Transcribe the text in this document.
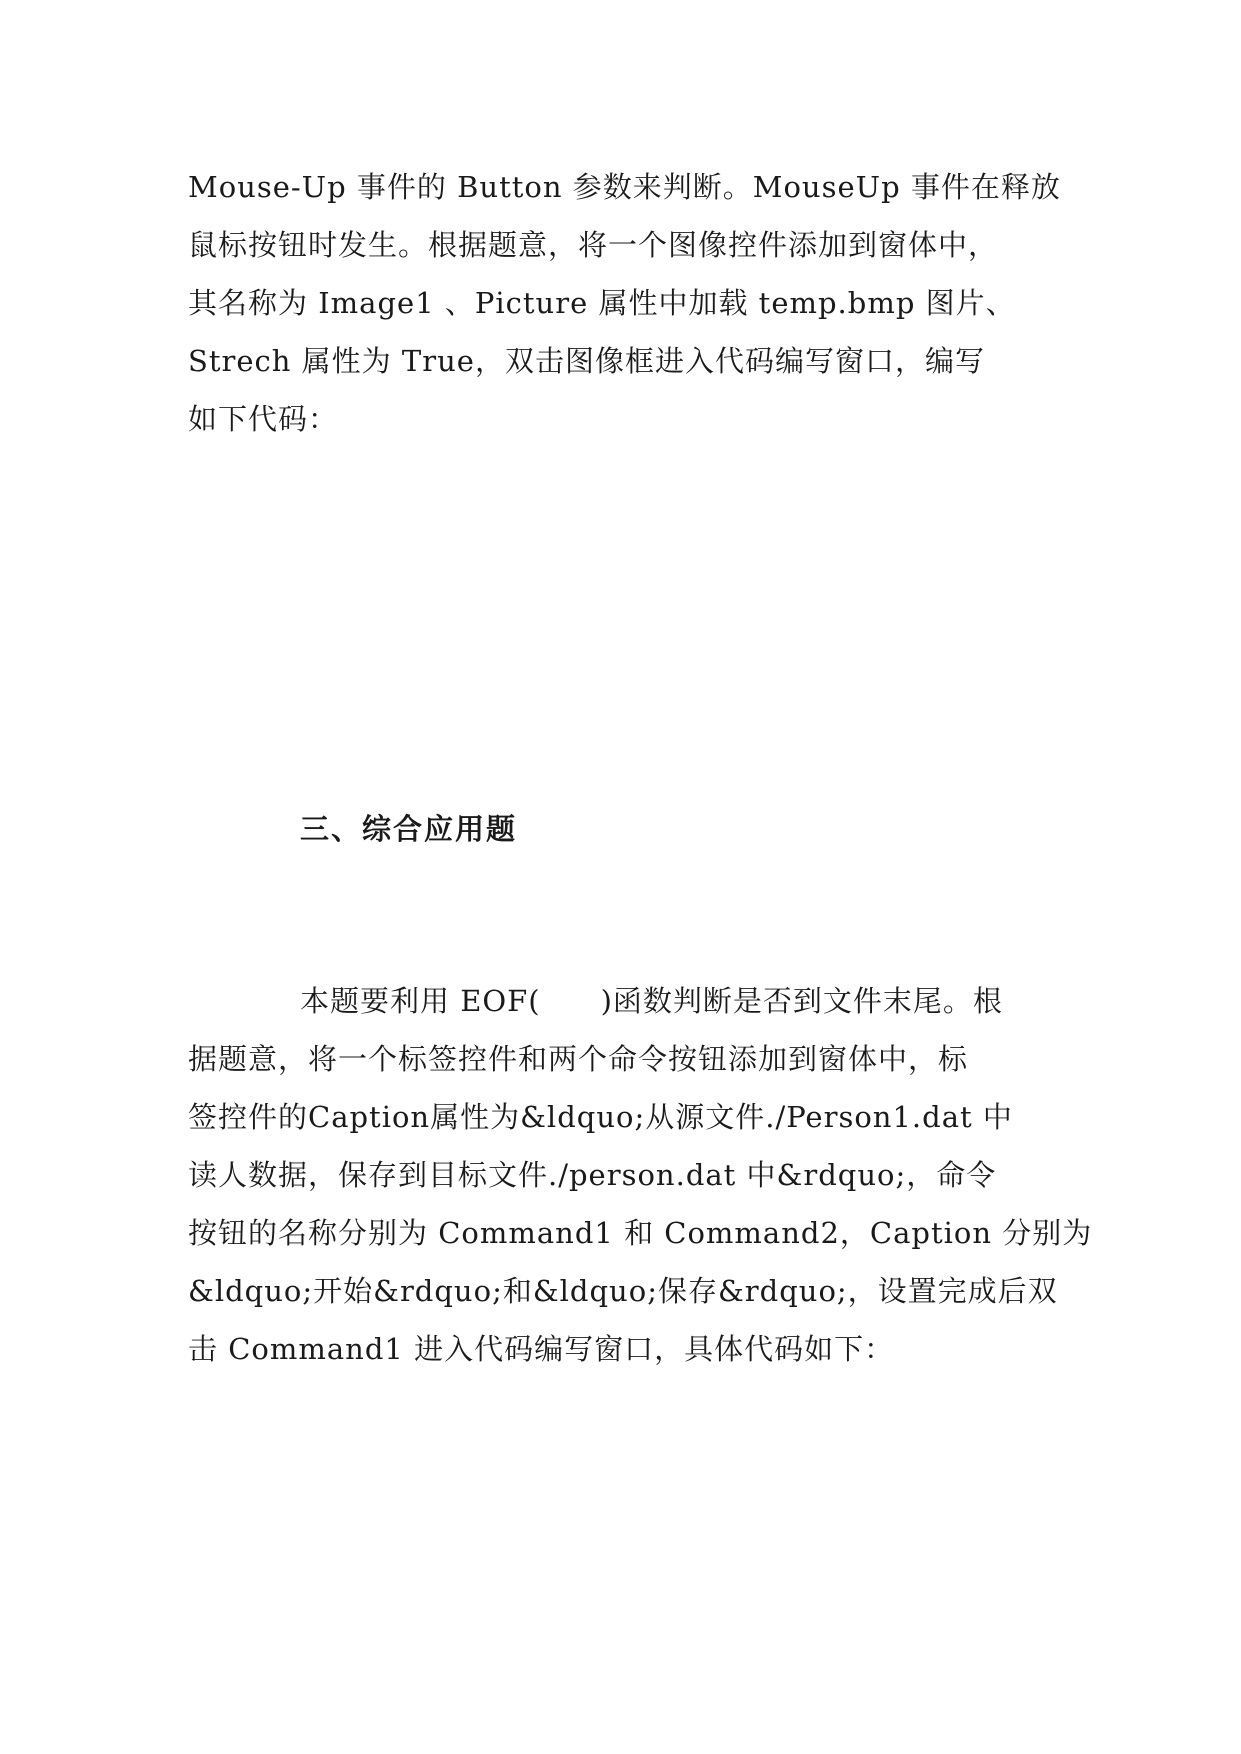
Mouse-Up 事件的 Button 参数来判断。MouseUp 事件在释放
鼠标按钮时发生。根据题意，将一个图像控件添加到窗体中，
其名称为 Image1 、Picture 属性中加载 temp.bmp 图片、
Strech 属性为 True，双击图像框进入代码编写窗口，编写
如下代码：
三、综合应用题
本题要利用 EOF(　　)函数判断是否到文件末尾。根
据题意，将一个标签控件和两个命令按钮添加到窗体中，标
签控件的Caption属性为&ldquo;从源文件./Person1.dat 中
读人数据，保存到目标文件./person.dat 中&rdquo;，命令
按钮的名称分别为 Command1 和 Command2，Caption 分别为
&ldquo;开始&rdquo;和&ldquo;保存&rdquo;，设置完成后双
击 Command1 进入代码编写窗口，具体代码如下：
